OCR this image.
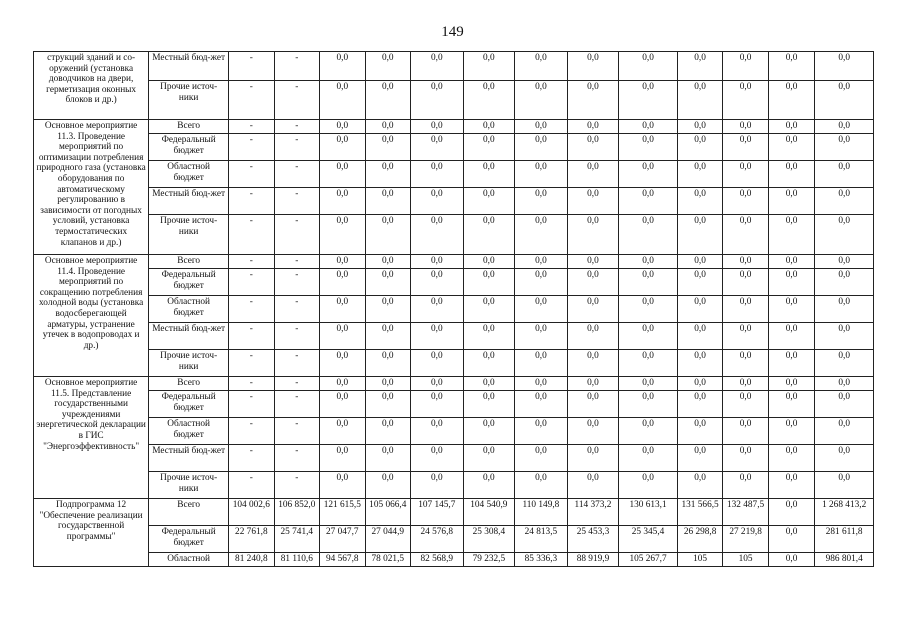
149
струкций зданий и со-оружений (установка доводчиков на двери, герметизация оконных блоков и др.)	Местный бюд-жет	-	-	0,0	0,0	0,0	0,0	0,0	0,0	0,0	0,0	0,0	0,0	0,0
	Прочие источ-ники	-	-	0,0	0,0	0,0	0,0	0,0	0,0	0,0	0,0	0,0	0,0	0,0
Основное мероприятие 11.3. Проведение мероприятий по оптимизации потребления природного газа (установка оборудования по автоматическому регулированию в зависимости от погодных условий, установка термостатических клапанов и др.)	Всего	-	-	0,0	0,0	0,0	0,0	0,0	0,0	0,0	0,0	0,0	0,0	0,0
	Федеральный бюджет	-	-	0,0	0,0	0,0	0,0	0,0	0,0	0,0	0,0	0,0	0,0	0,0
	Областной бюджет	-	-	0,0	0,0	0,0	0,0	0,0	0,0	0,0	0,0	0,0	0,0	0,0
	Местный бюд-жет	-	-	0,0	0,0	0,0	0,0	0,0	0,0	0,0	0,0	0,0	0,0	0,0
	Прочие источ-ники	-	-	0,0	0,0	0,0	0,0	0,0	0,0	0,0	0,0	0,0	0,0	0,0
Основное мероприятие 11.4. Проведение мероприятий по сокращению потребления холодной воды (установка водосберегающей арматуры, устранение утечек в водопроводах и др.)	Всего	-	-	0,0	0,0	0,0	0,0	0,0	0,0	0,0	0,0	0,0	0,0	0,0
	Федеральный бюджет	-	-	0,0	0,0	0,0	0,0	0,0	0,0	0,0	0,0	0,0	0,0	0,0
	Областной бюджет	-	-	0,0	0,0	0,0	0,0	0,0	0,0	0,0	0,0	0,0	0,0	0,0
	Местный бюд-жет	-	-	0,0	0,0	0,0	0,0	0,0	0,0	0,0	0,0	0,0	0,0	0,0
	Прочие источ-ники	-	-	0,0	0,0	0,0	0,0	0,0	0,0	0,0	0,0	0,0	0,0	0,0
Основное мероприятие 11.5. Представление государственными учреждениями энергетической декларации в ГИС "Энергоэффективность"	Всего	-	-	0,0	0,0	0,0	0,0	0,0	0,0	0,0	0,0	0,0	0,0	0,0
	Федеральный бюджет	-	-	0,0	0,0	0,0	0,0	0,0	0,0	0,0	0,0	0,0	0,0	0,0
	Областной бюджет	-	-	0,0	0,0	0,0	0,0	0,0	0,0	0,0	0,0	0,0	0,0	0,0
	Местный бюд-жет	-	-	0,0	0,0	0,0	0,0	0,0	0,0	0,0	0,0	0,0	0,0	0,0
	Прочие источ-ники	-	-	0,0	0,0	0,0	0,0	0,0	0,0	0,0	0,0	0,0	0,0	0,0
Подпрограмма 12 "Обеспечение реализации государственной программы"	Всего	104 002,6	106 852,0	121 615,5	105 066,4	107 145,7	104 540,9	110 149,8	114 373,2	130 613,1	131 566,5	132 487,5	0,0	1 268 413,2
	Федеральный бюджет	22 761,8	25 741,4	27 047,7	27 044,9	24 576,8	25 308,4	24 813,5	25 453,3	25 345,4	26 298,8	27 219,8	0,0	281 611,8
	Областной	81 240,8	81 110,6	94 567,8	78 021,5	82 568,9	79 232,5	85 336,3	88 919,9	105 267,7	105	105	0,0	986 801,4
